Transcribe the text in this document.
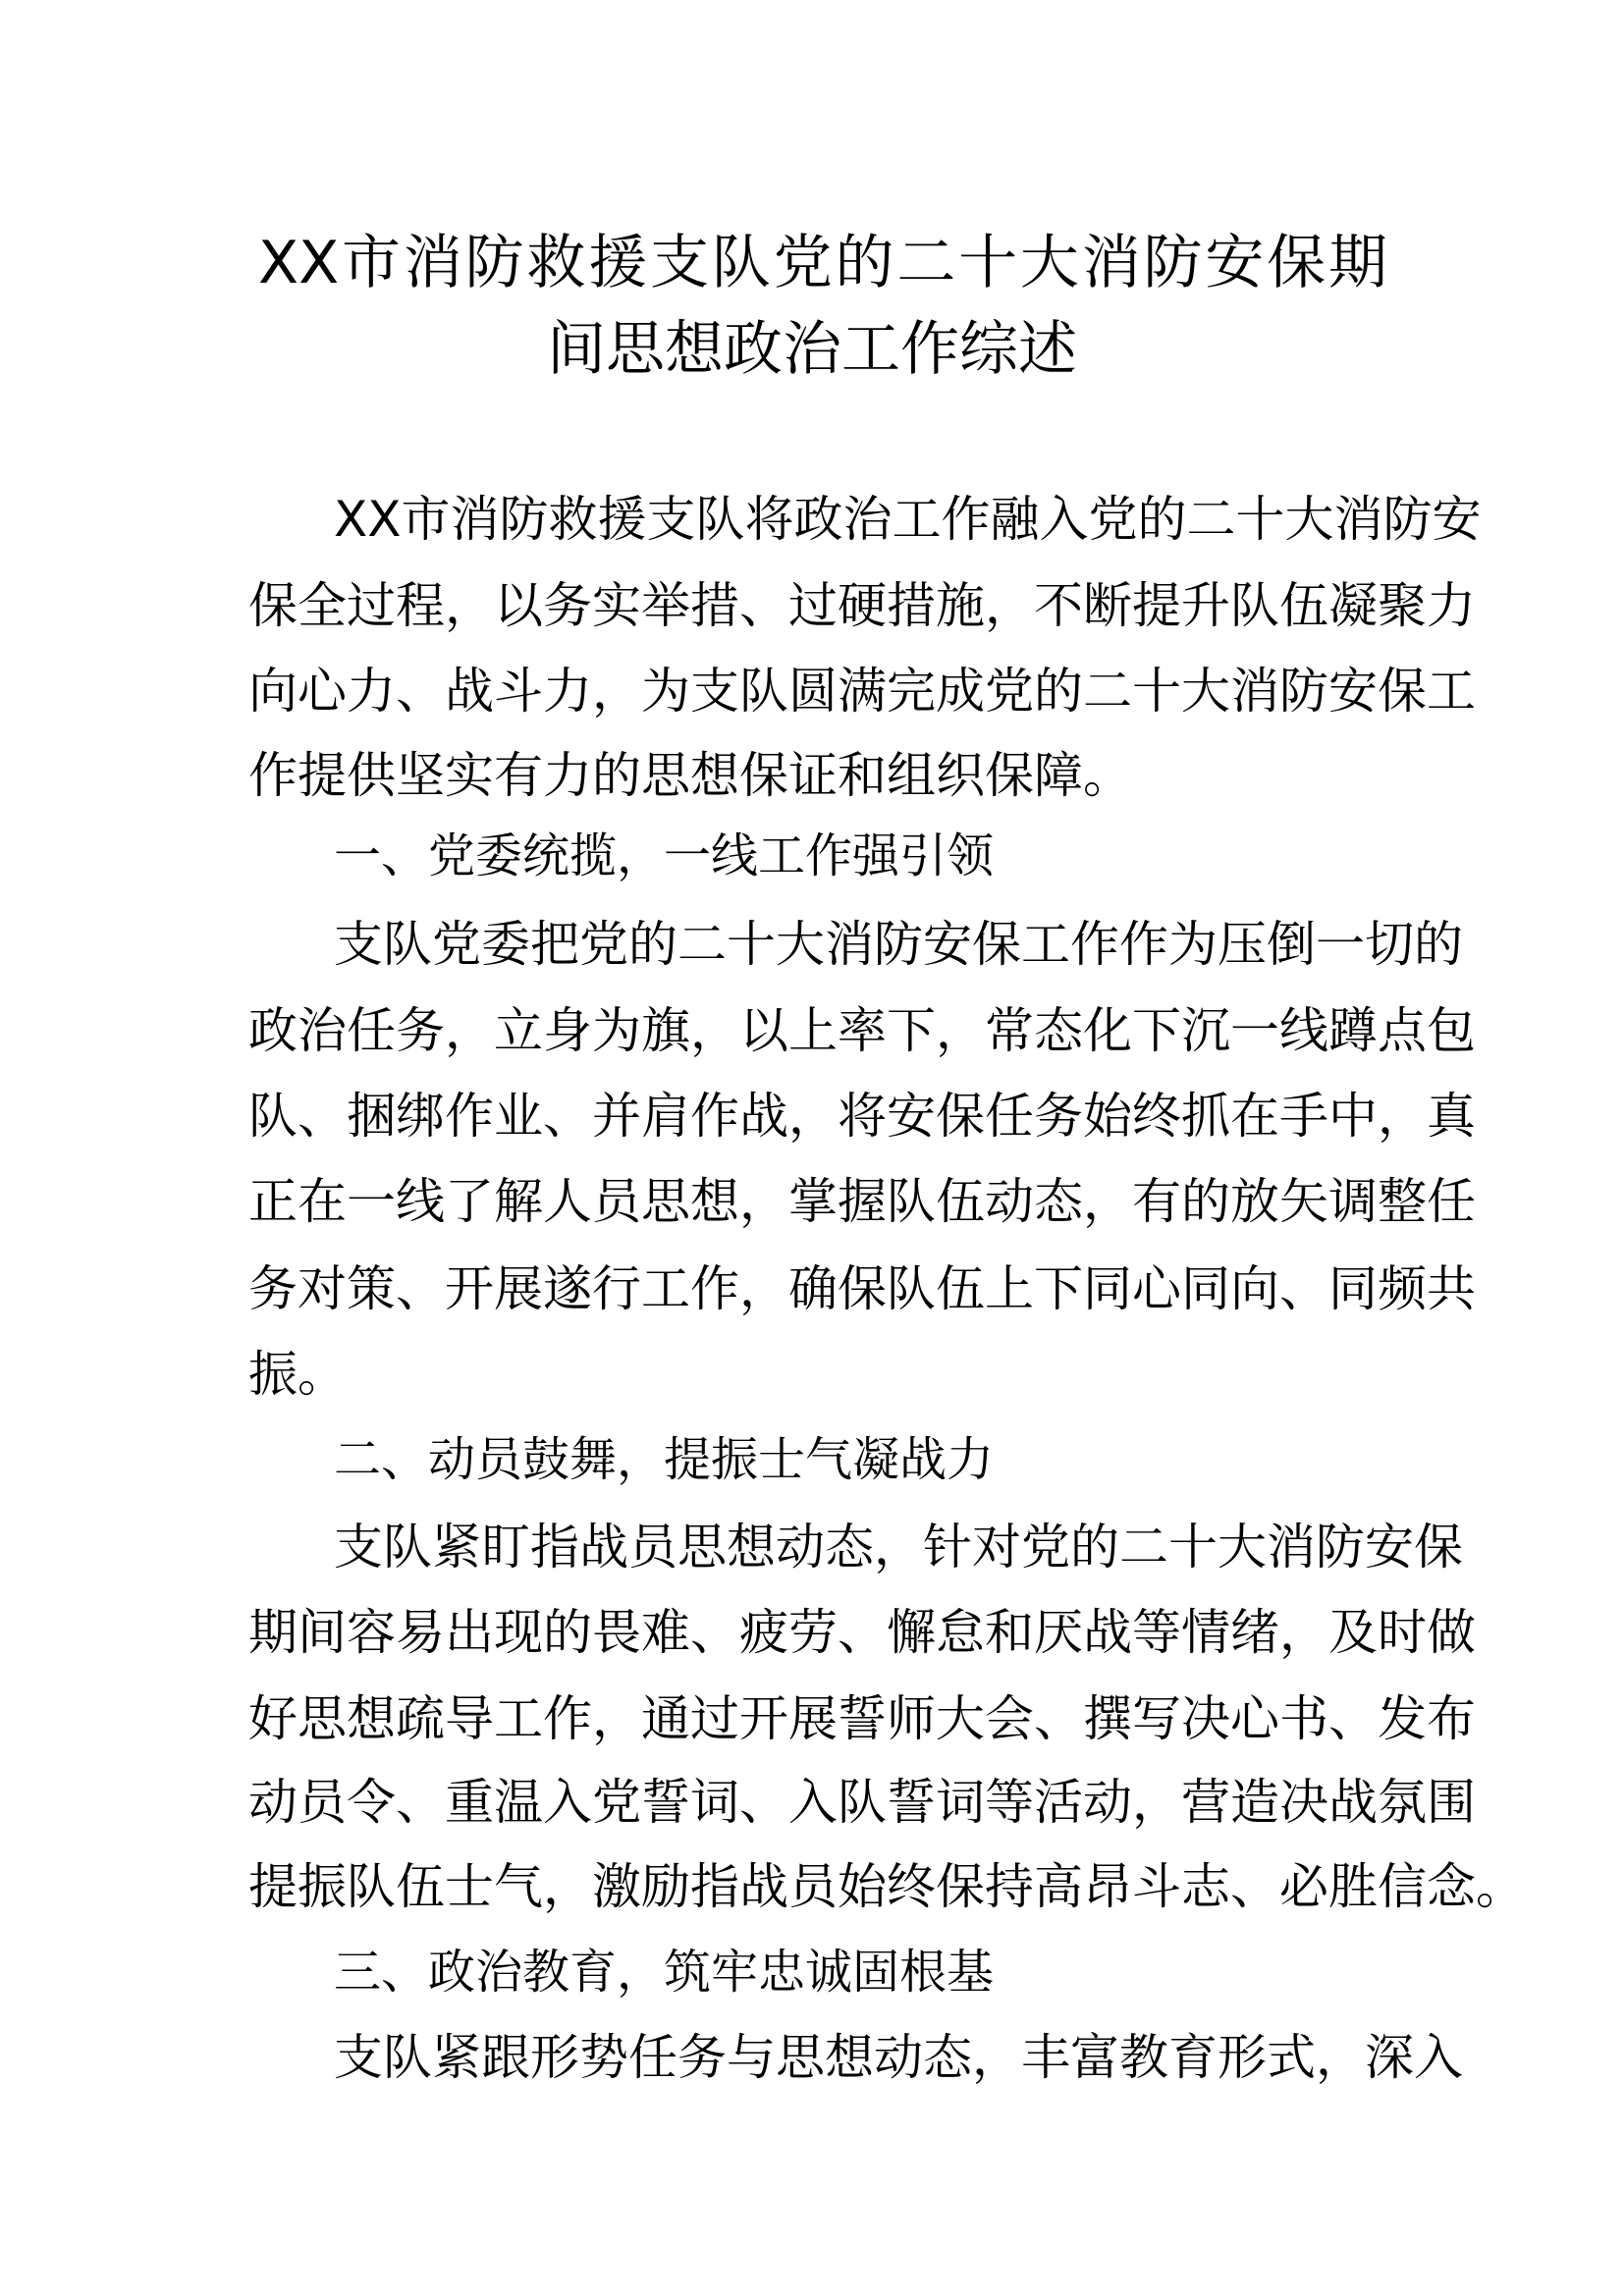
XX市消防救援支队党的二十大消防安保期
间思想政治工作综述
XX市消防救援支队将政治工作融入党的二十大消防安
保全过程，以务实举措、过硬措施，不断提升队伍凝聚力
向心力、战斗力，为支队圆满完成党的二十大消防安保工
作提供坚实有力的思想保证和组织保障。
一、党委统揽，一线工作强引领
支队党委把党的二十大消防安保工作作为压倒一切的
政治任务，立身为旗，以上率下，常态化下沉一线蹲点包
队、捆绑作业、并肩作战，将安保任务始终抓在手中，真
正在一线了解人员思想，掌握队伍动态，有的放矢调整任
务对策、开展遂行工作，确保队伍上下同心同向、同频共
振。
二、动员鼓舞，提振士气凝战力
支队紧盯指战员思想动态，针对党的二十大消防安保
期间容易出现的畏难、疲劳、懈怠和厌战等情绪，及时做
好思想疏导工作，通过开展誓师大会、撰写决心书、发布
动员令、重温入党誓词、入队誓词等活动，营造决战氛围
提振队伍士气，激励指战员始终保持高昂斗志、必胜信念。
三、政治教育，筑牢忠诚固根基
支队紧跟形势任务与思想动态，丰富教育形式，深入
